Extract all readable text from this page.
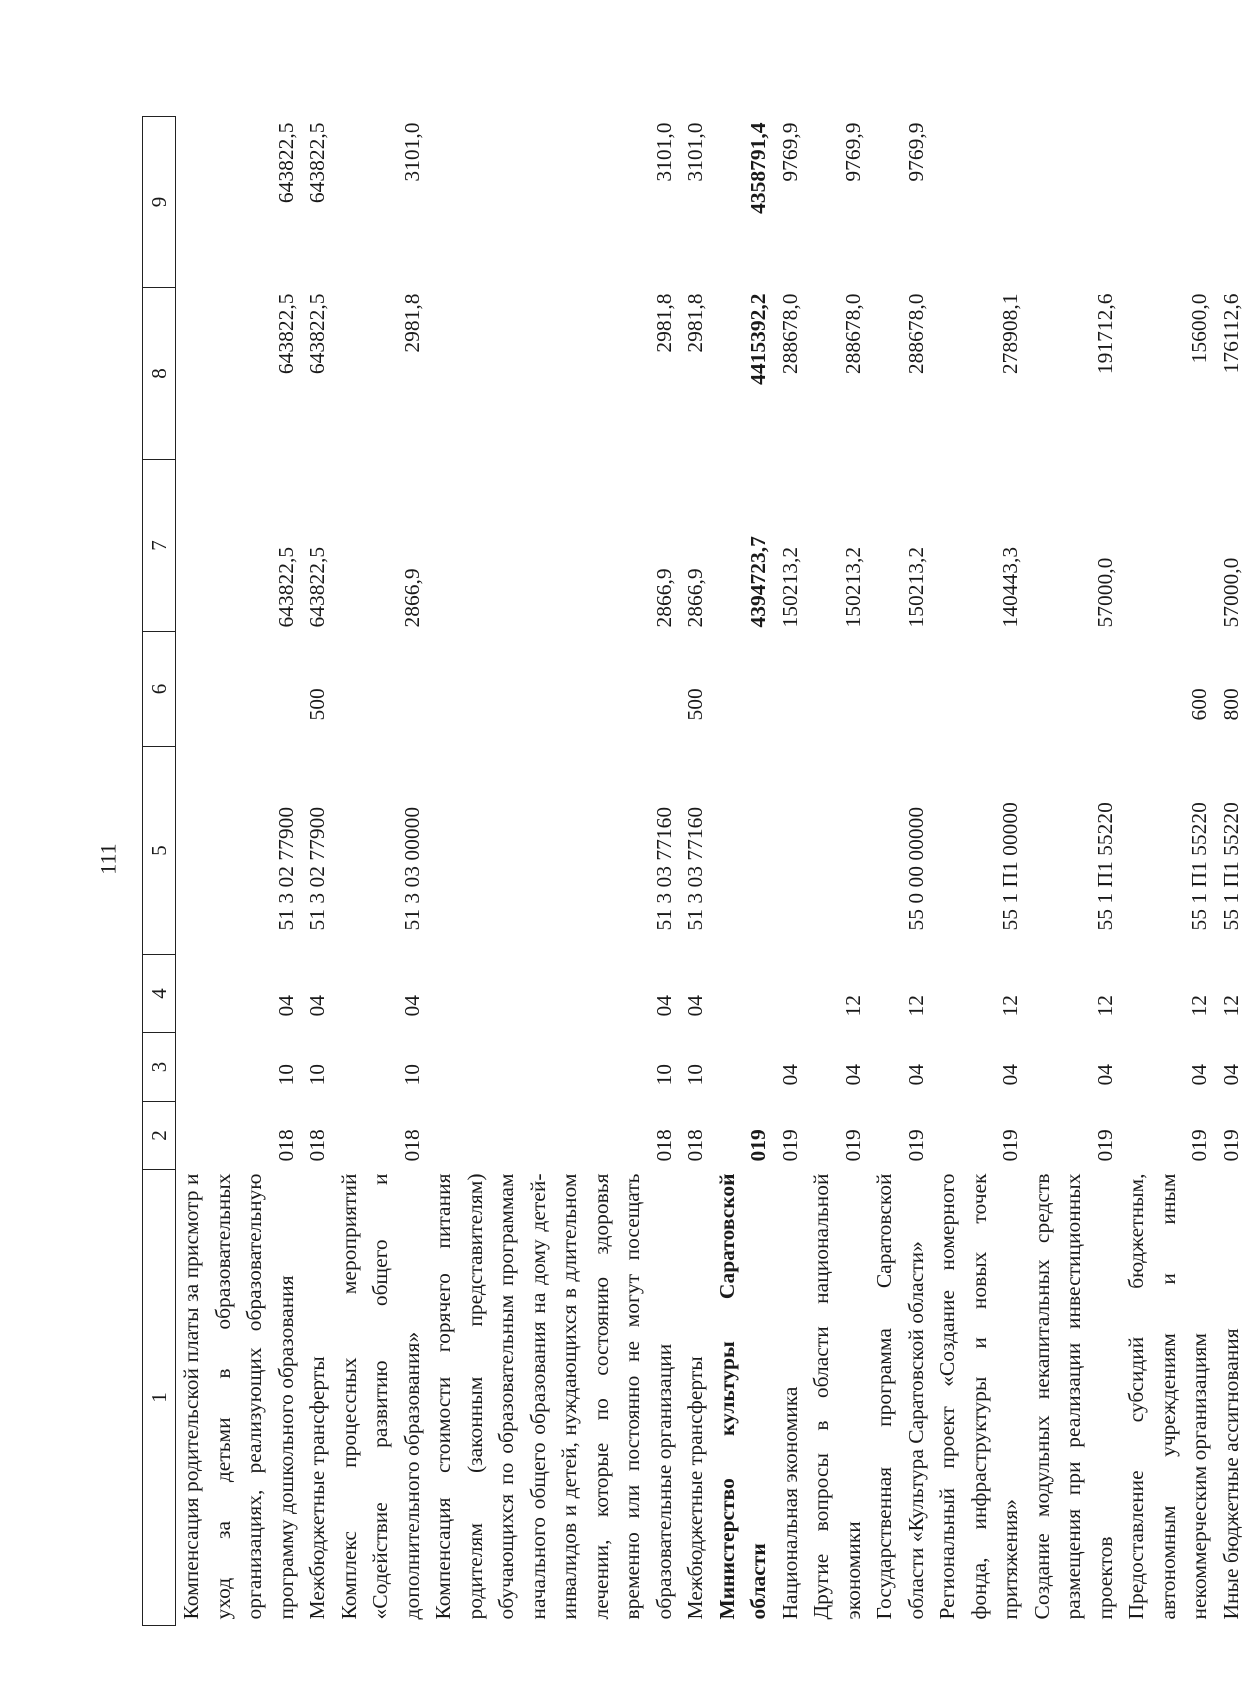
111
1	2	3	4	5	6	7	8	9
Компенсация родительской платы за присмотр и уход за детьми в образовательных организациях, реализующих образовательную программу дошкольного образования	018	10	04	51 3 02 77900		643822,5	643822,5	643822,5
Межбюджетные трансферты	018	10	04	51 3 02 77900	500	643822,5	643822,5	643822,5
Комплекс процессных мероприятий «Содействие развитию общего и дополнительного образования»	018	10	04	51 3 03 00000		2866,9	2981,8	3101,0
Компенсация стоимости горячего питания родителям (законным представителям) обучающихся по образовательным программам начального общего образования на дому детей-инвалидов и детей, нуждающихся в длительном лечении, которые по состоянию здоровья временно или постоянно не могут посещать образовательные организации	018	10	04	51 3 03 77160		2866,9	2981,8	3101,0
Межбюджетные трансферты	018	10	04	51 3 03 77160	500	2866,9	2981,8	3101,0
Министерство культуры Саратовской области	019					4394723,7	4415392,2	4358791,4
Национальная экономика	019	04				150213,2	288678,0	9769,9
Другие вопросы в области национальной экономики	019	04	12			150213,2	288678,0	9769,9
Государственная программа Саратовской области «Культура Саратовской области»	019	04	12	55 0 00 00000		150213,2	288678,0	9769,9
Региональный проект «Создание номерного фонда, инфраструктуры и новых точек притяжения»	019	04	12	55 1 П1 00000		140443,3	278908,1	
Создание модульных некапитальных средств размещения при реализации инвестиционных проектов	019	04	12	55 1 П1 55220		57000,0	191712,6	
Предоставление субсидий бюджетным, автономным учреждениям и иным некоммерческим организациям	019	04	12	55 1 П1 55220	600		15600,0	
Иные бюджетные ассигнования	019	04	12	55 1 П1 55220	800	57000,0	176112,6	
